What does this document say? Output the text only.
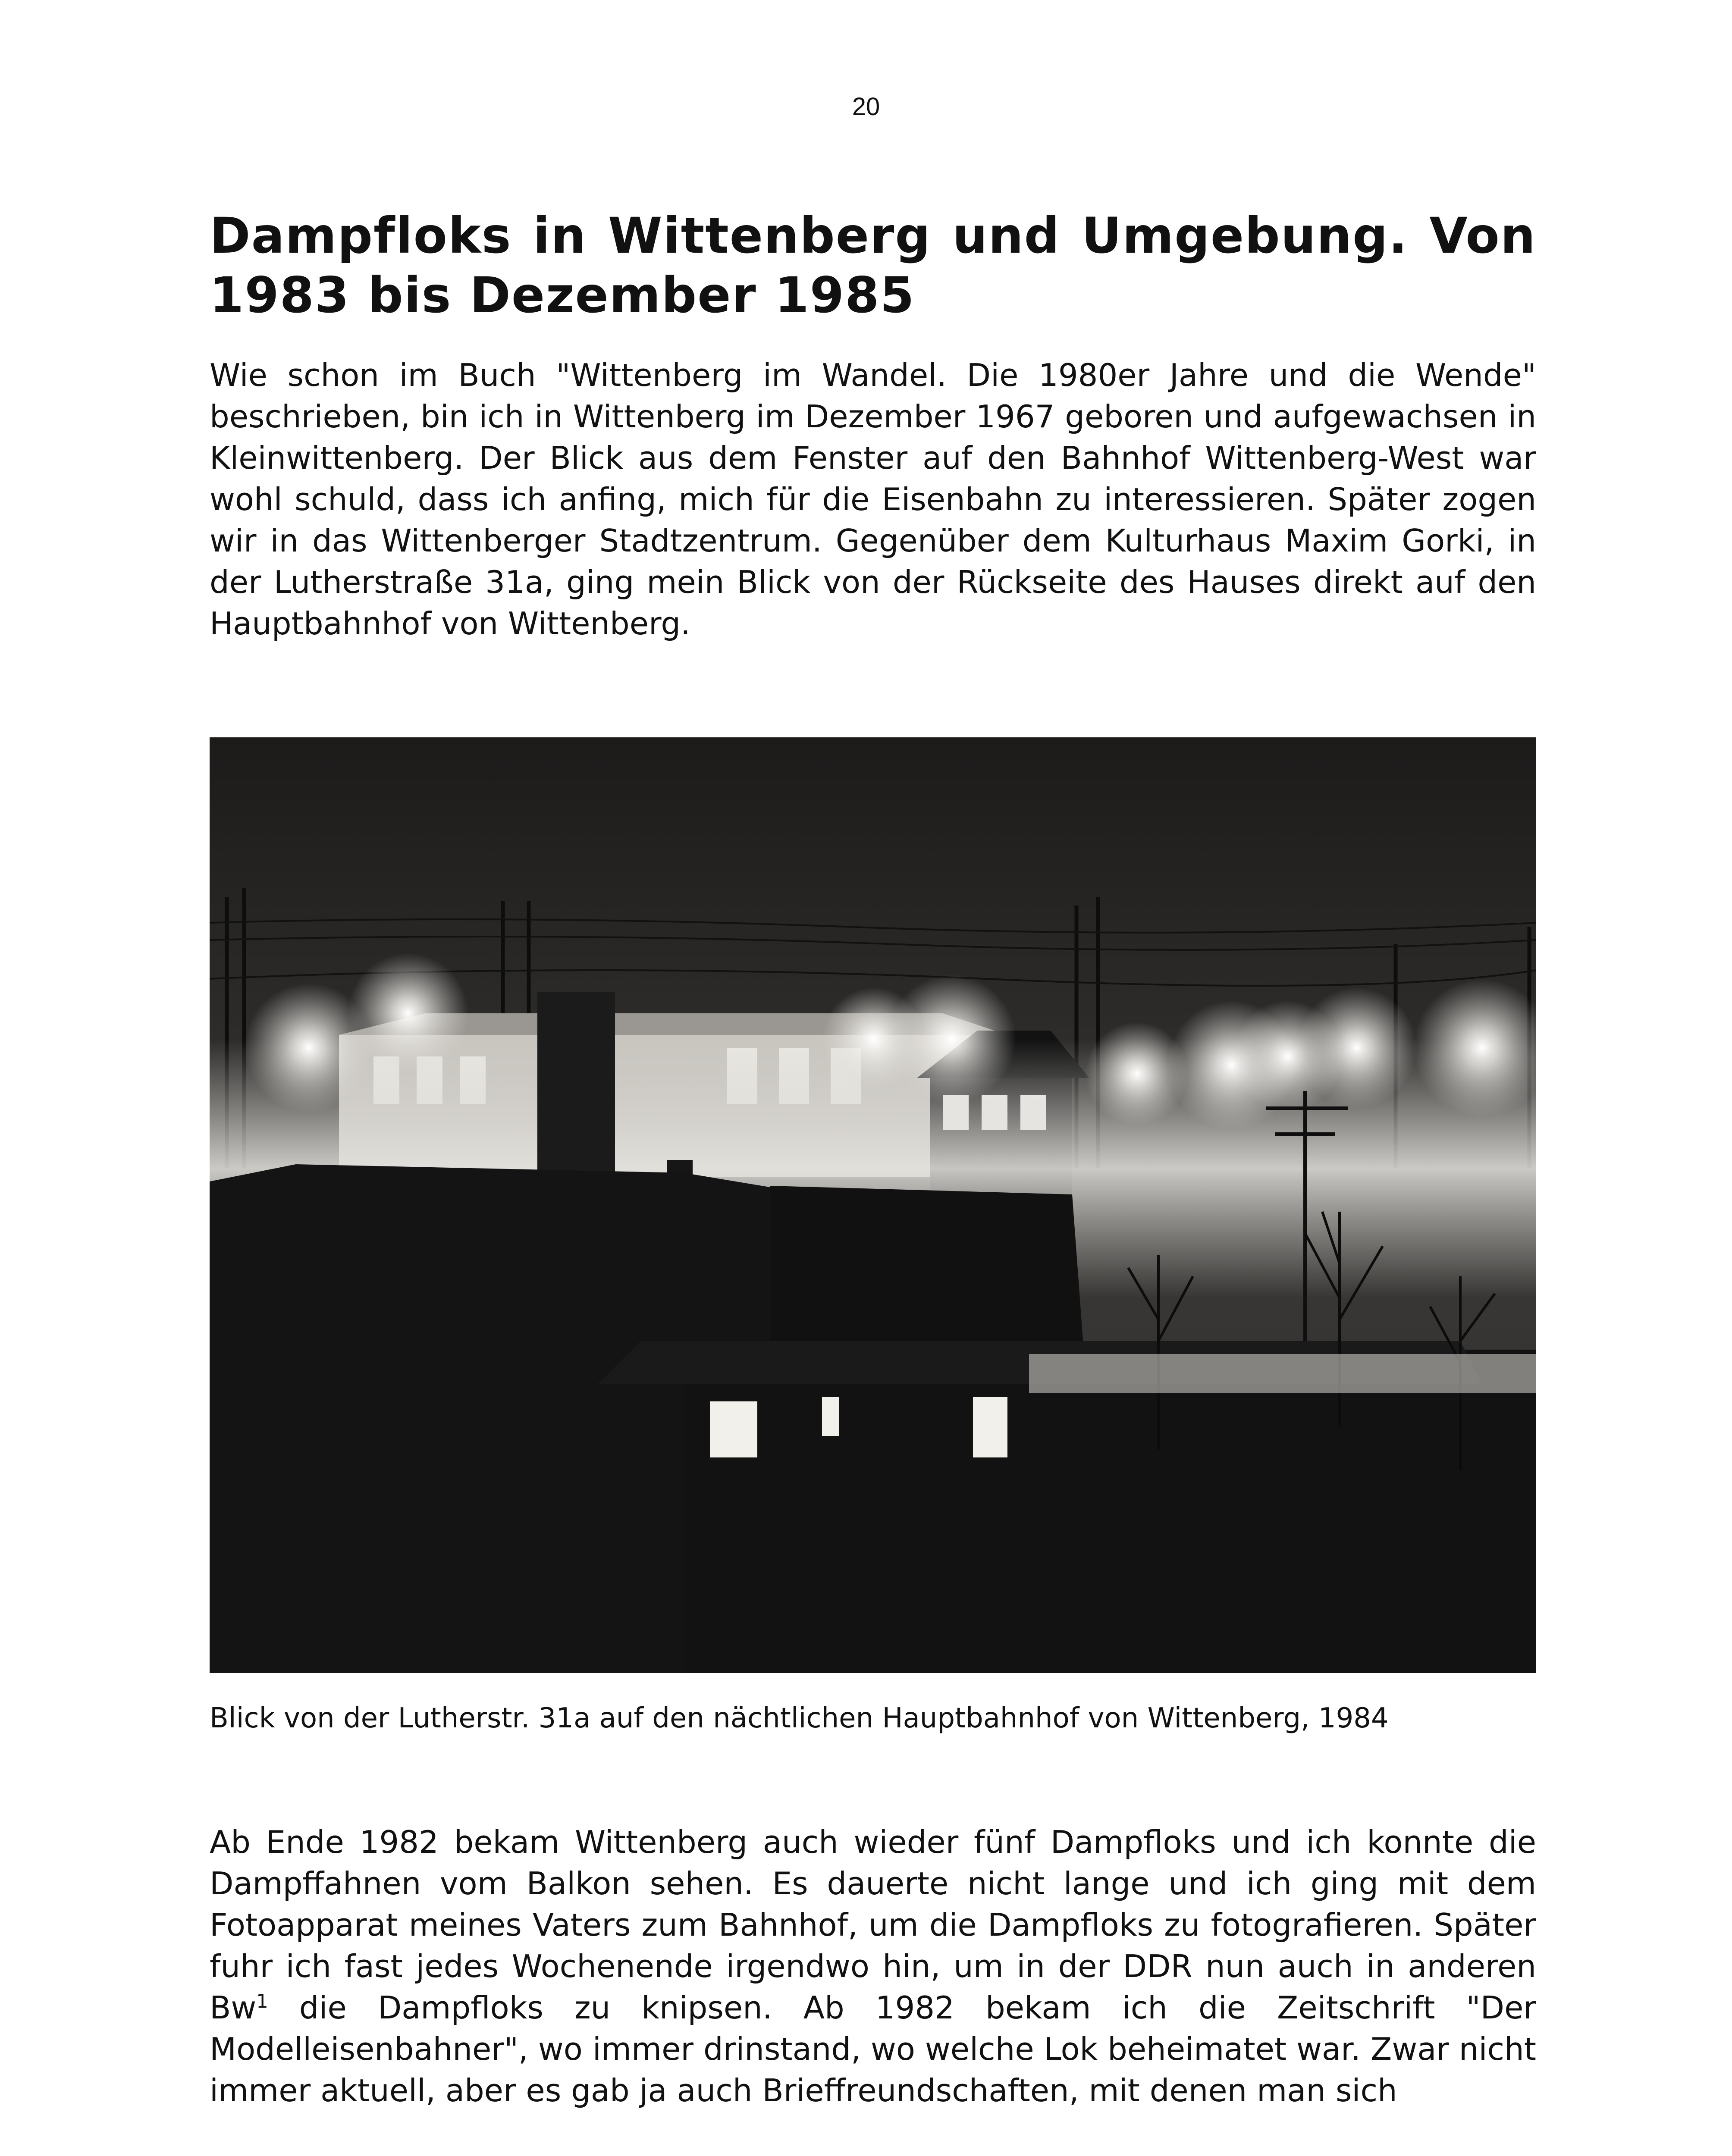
20
Dampfloks in Wittenberg und Umgebung. Von 1983 bis Dezember 1985

Wie schon im Buch "Wittenberg im Wandel. Die 1980er Jahre und die Wende" beschrieben, bin ich in Wittenberg im Dezember 1967 geboren und aufgewachsen in Kleinwittenberg. Der Blick aus dem Fenster auf den Bahnhof Wittenberg-West war wohl schuld, dass ich anfing, mich für die Eisenbahn zu interessieren. Später zogen wir in das Wittenberger Stadtzentrum. Gegenüber dem Kulturhaus Maxim Gorki, in der Lutherstraße 31a, ging mein Blick von der Rückseite des Hauses direkt auf den Hauptbahnhof von Wittenberg.

Blick von der Lutherstr. 31a auf den nächtlichen Hauptbahnhof von Wittenberg, 1984

Ab Ende 1982 bekam Wittenberg auch wieder fünf Dampfloks und ich konnte die Dampffahnen vom Balkon sehen. Es dauerte nicht lange und ich ging mit dem Fotoapparat meines Vaters zum Bahnhof, um die Dampfloks zu fotografieren. Später fuhr ich fast jedes Wochenende irgendwo hin, um in der DDR nun auch in anderen Bw$^1$ die Dampfloks zu knipsen. Ab 1982 bekam ich die Zeitschrift "Der Modelleisenbahner", wo immer drinstand, wo welche Lok beheimatet war. Zwar nicht immer aktuell, aber es gab ja auch Brieffreundschaften, mit denen man sich
